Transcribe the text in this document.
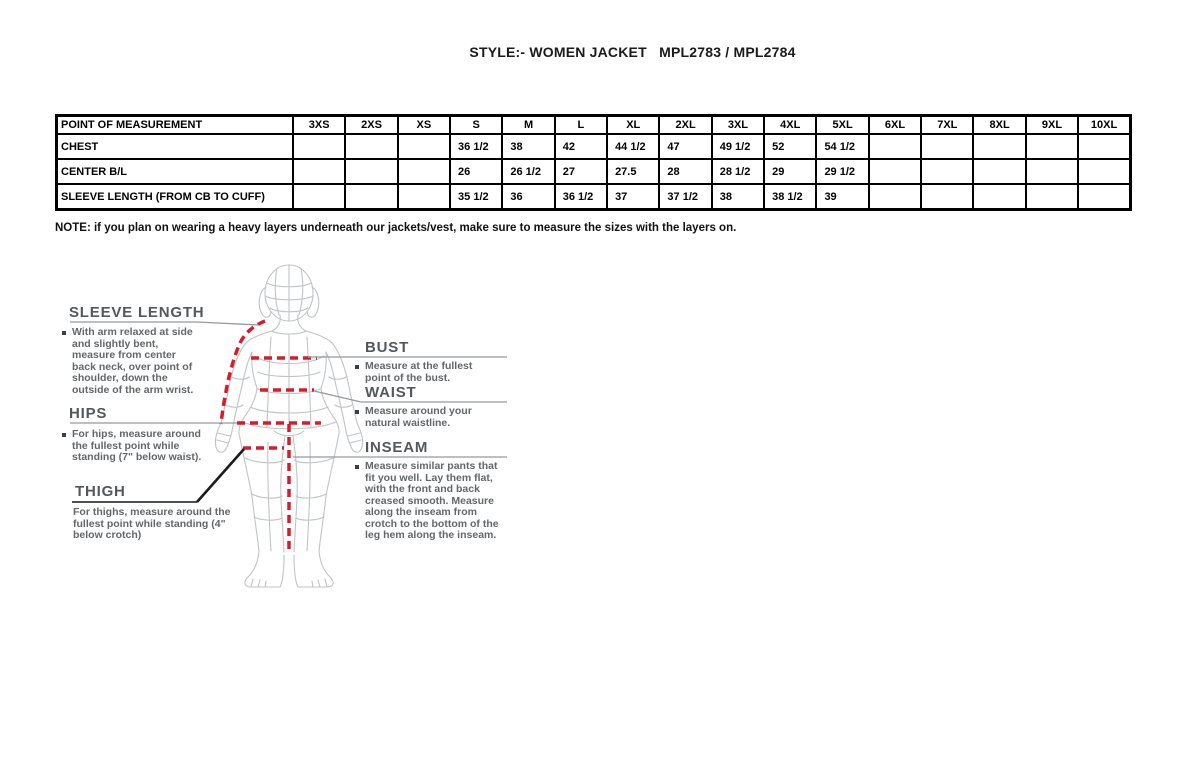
STYLE:- WOMEN JACKET   MPL2783 / MPL2784
POINT OF MEASUREMENT	3XS	2XS	XS	S	M	L	XL	2XL	3XL	4XL	5XL	6XL	7XL	8XL	9XL	10XL
CHEST				36 1/2	38	42	44 1/2	47	49 1/2	52	54 1/2					
CENTER B/L				26	26 1/2	27	27.5	28	28 1/2	29	29 1/2					
SLEEVE LENGTH (FROM CB TO CUFF)				35 1/2	36	36 1/2	37	37 1/2	38	38 1/2	39					
NOTE: if you plan on wearing a heavy layers underneath our jackets/vest, make sure to measure the sizes with the layers on.
SLEEVE LENGTH
With arm relaxed at side and slightly bent, measure from center back neck, over point of shoulder, down the outside of the arm wrist.
HIPS
For hips, measure around the fullest point while standing (7" below waist).
THIGH
For thighs, measure around the fullest point while standing (4" below crotch)
BUST
Measure at the fullest point of the bust.
WAIST
Measure around your natural waistline.
INSEAM
Measure similar pants that fit you well. Lay them flat, with the front and back creased smooth. Measure along the inseam from crotch to the bottom of the leg hem along the inseam.
